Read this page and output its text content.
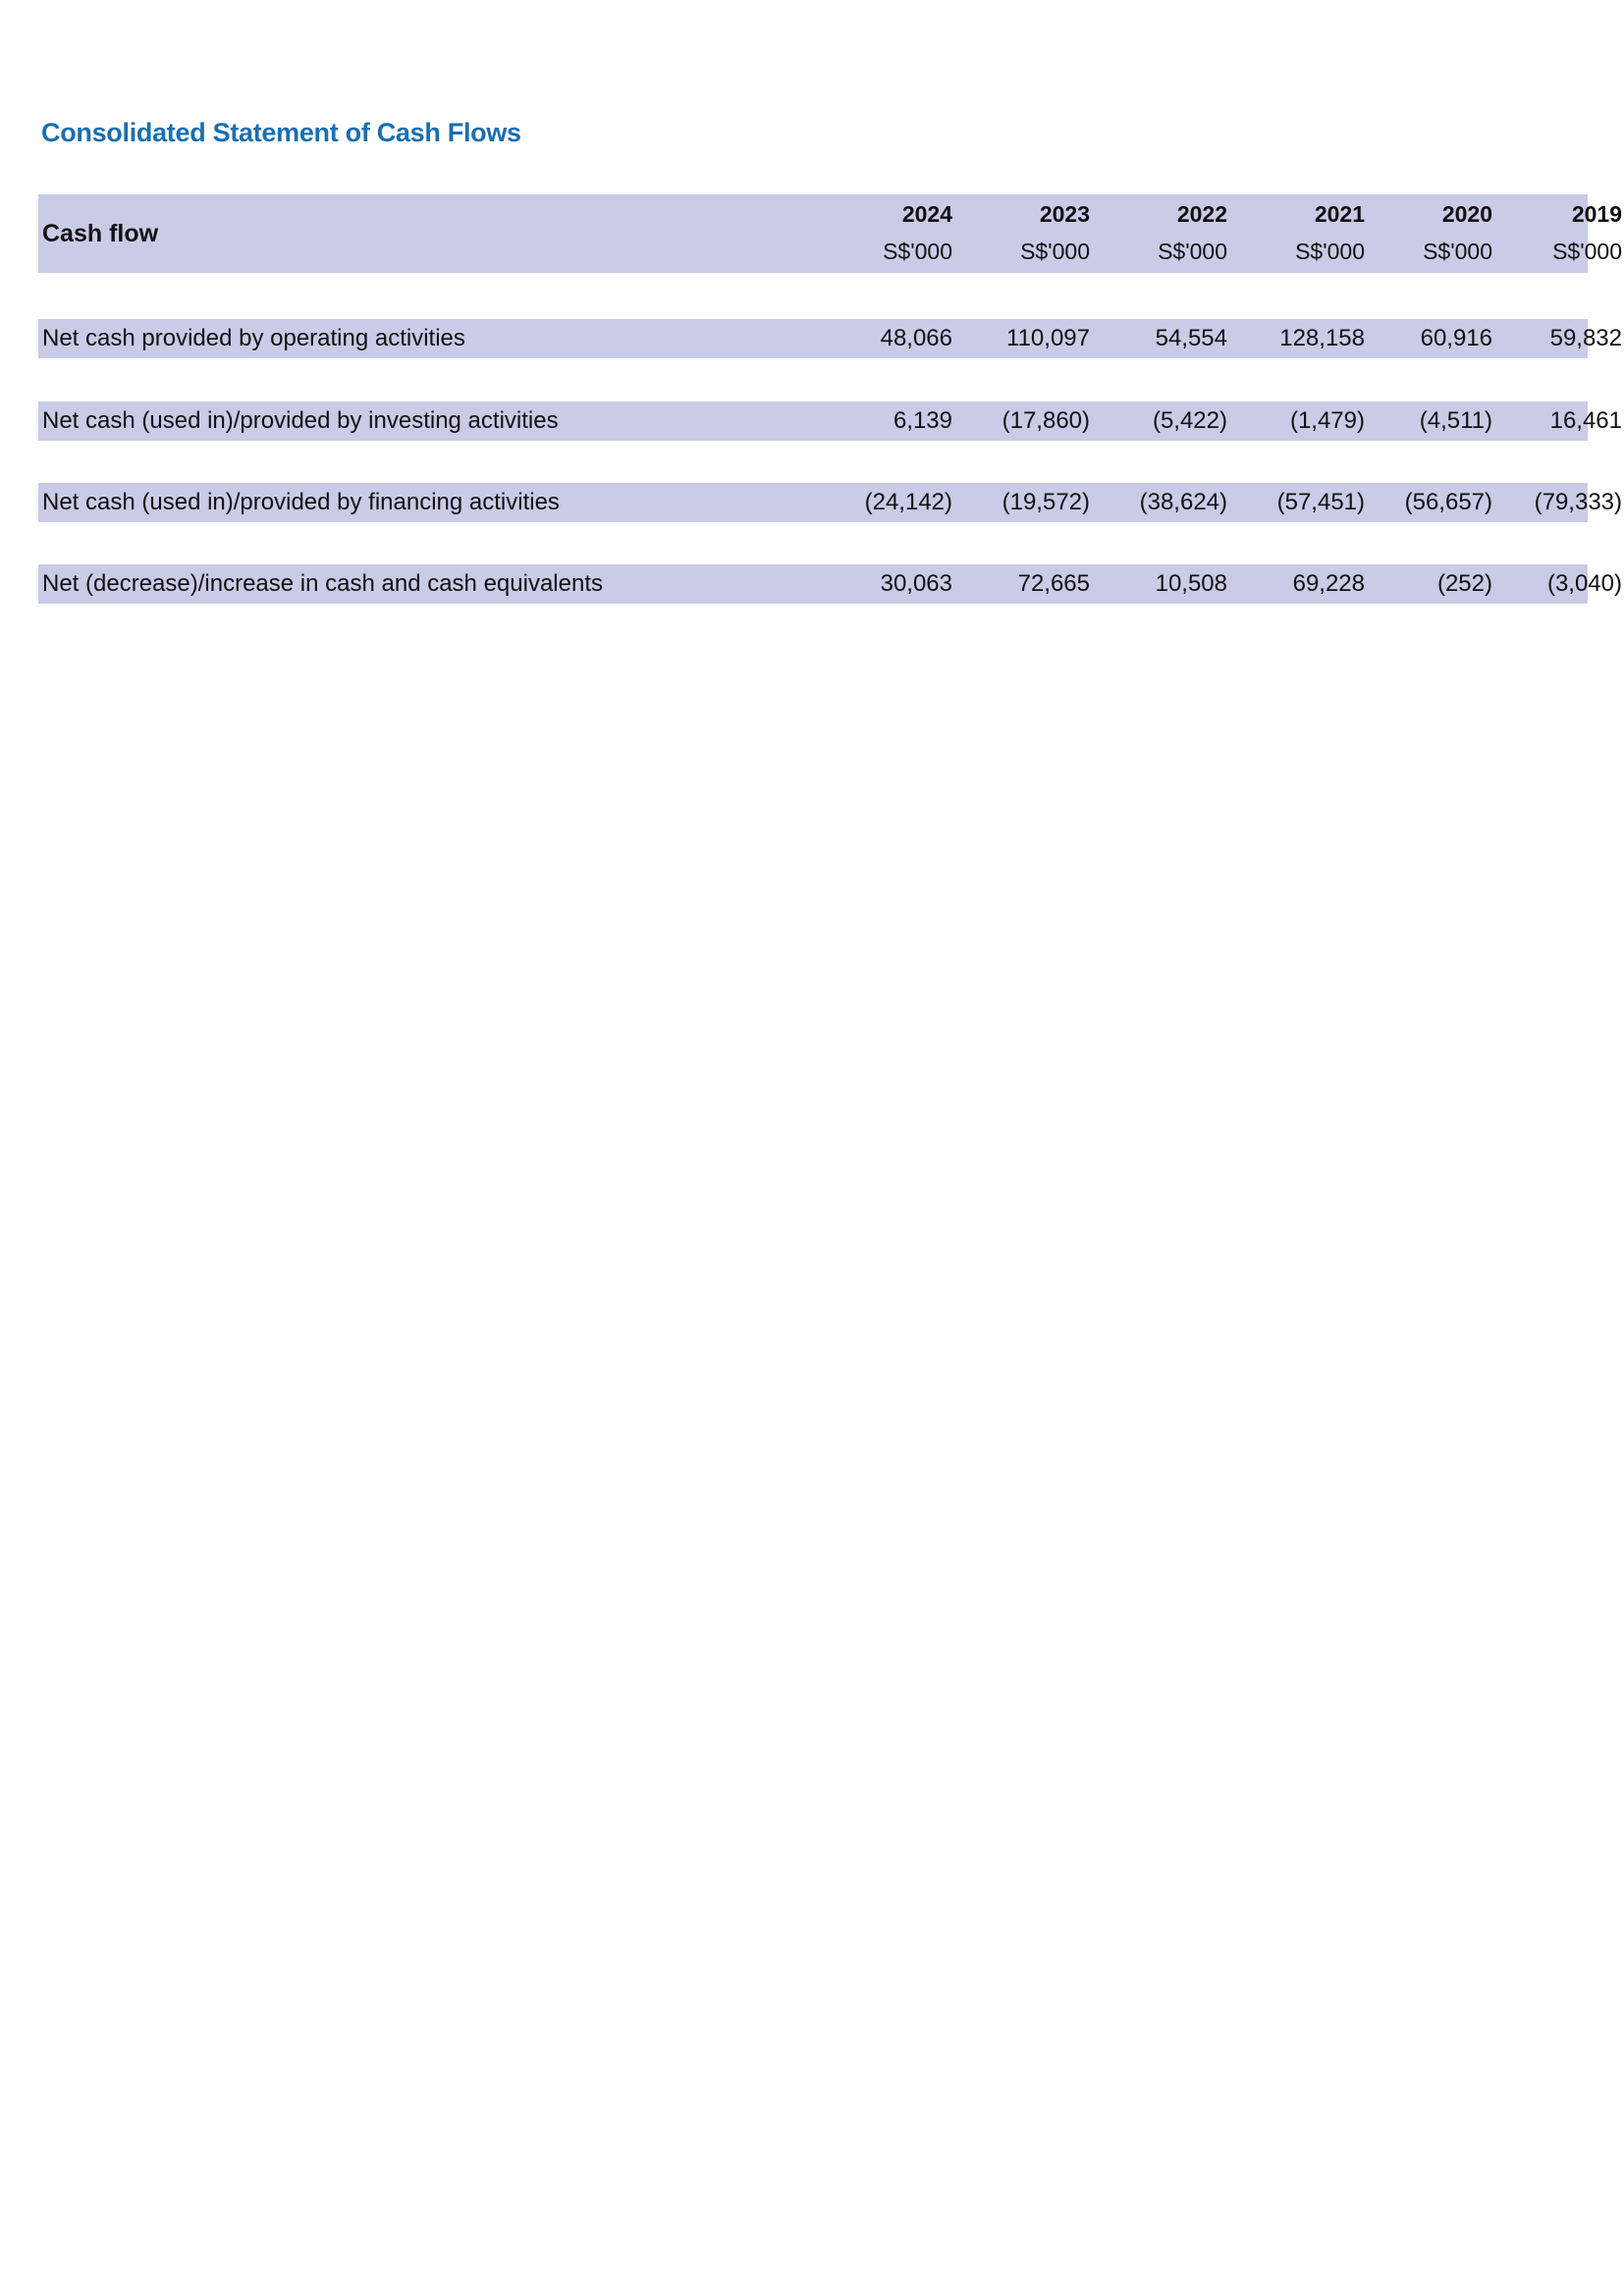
Consolidated Statement of Cash Flows
Cash flow
2024	2023	2022	2021	2020	2019
S$'000	S$'000	S$'000	S$'000	S$'000	S$'000
Net cash provided by operating activities	48,066	110,097	54,554	128,158	60,916	59,832
Net cash (used in)/provided by investing activities	6,139	(17,860)	(5,422)	(1,479)	(4,511)	16,461
Net cash (used in)/provided by financing activities	(24,142)	(19,572)	(38,624)	(57,451)	(56,657)	(79,333)
Net (decrease)/increase in cash and cash equivalents	30,063	72,665	10,508	69,228	(252)	(3,040)
